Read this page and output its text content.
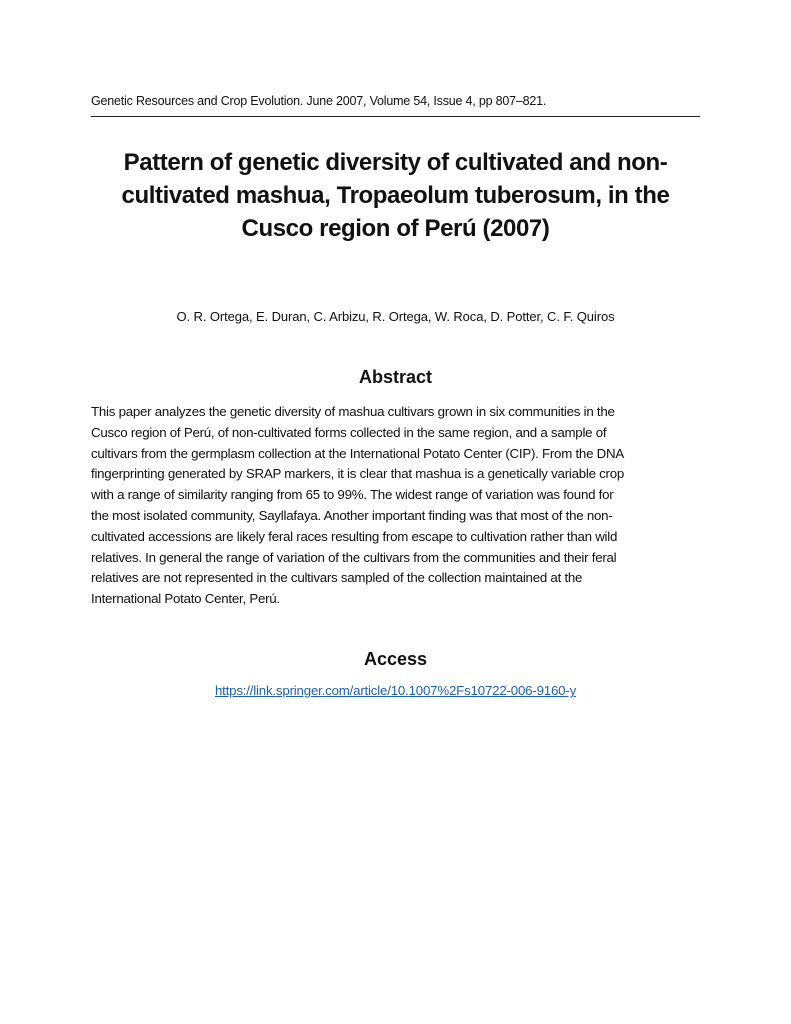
Genetic Resources and Crop Evolution. June 2007, Volume 54, Issue 4, pp 807–821.
Pattern of genetic diversity of cultivated and non-
cultivated mashua, Tropaeolum tuberosum, in the
Cusco region of Perú (2007)
O. R. Ortega, E. Duran, C. Arbizu, R. Ortega, W. Roca, D. Potter, C. F. Quiros
Abstract
This paper analyzes the genetic diversity of mashua cultivars grown in six communities in the
Cusco region of Perú, of non-cultivated forms collected in the same region, and a sample of
cultivars from the germplasm collection at the International Potato Center (CIP). From the DNA
fingerprinting generated by SRAP markers, it is clear that mashua is a genetically variable crop
with a range of similarity ranging from 65 to 99%. The widest range of variation was found for
the most isolated community, Sayllafaya. Another important finding was that most of the non-
cultivated accessions are likely feral races resulting from escape to cultivation rather than wild
relatives. In general the range of variation of the cultivars from the communities and their feral
relatives are not represented in the cultivars sampled of the collection maintained at the
International Potato Center, Perú.
Access
https://link.springer.com/article/10.1007%2Fs10722-006-9160-y
